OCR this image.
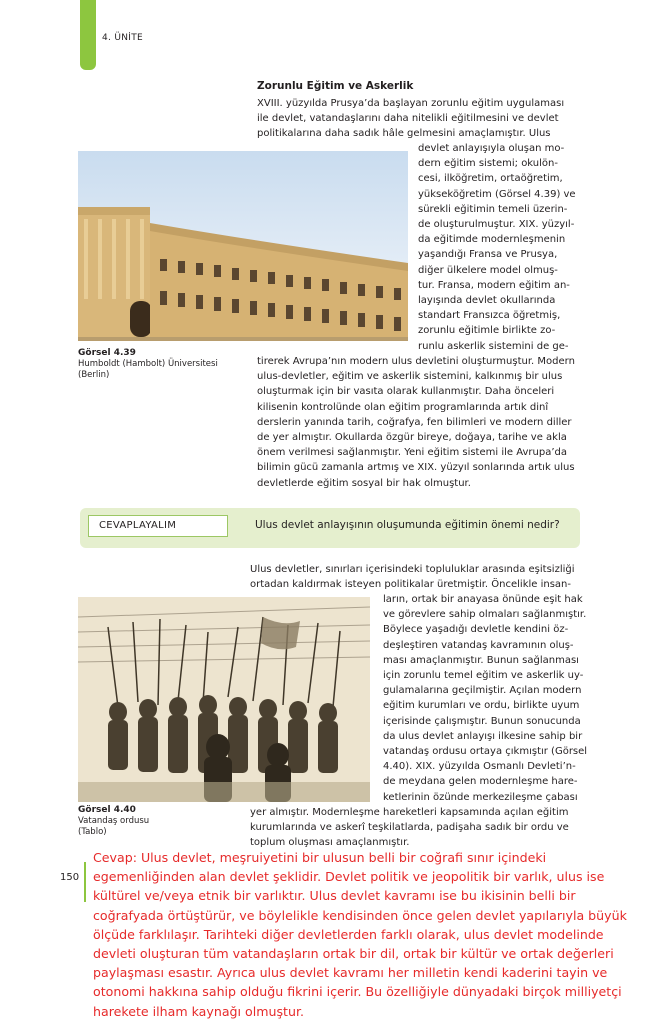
4. ÜNİTE
Zorunlu Eğitim ve Askerlik

XVIII. yüzyılda Prusya’da başlayan zorunlu eğitim uygulaması

ile devlet, vatandaşlarını daha nitelikli eğitilmesini ve devlet

politikalarına daha sadık hâle gelmesini amaçlamıştır. Ulus

devlet anlayışıyla oluşan mo-

dern eğitim sistemi; okulön-

cesi, ilköğretim, ortaöğretim,

yükseköğretim (Görsel 4.39) ve

sürekli eğitimin temeli üzerin-

de oluşturulmuştur. XIX. yüzyıl-

da eğitimde modernleşmenin

yaşandığı Fransa ve Prusya,

diğer ülkelere model olmuş-

tur. Fransa, modern eğitim an-

layışında devlet okullarında

standart Fransızca öğretmiş,

zorunlu eğitimle birlikte zo-

runlu askerlik sistemini de ge-

tirerek Avrupa’nın modern ulus devletini oluşturmuştur. Modern

ulus-devletler, eğitim ve askerlik sistemini, kalkınmış bir ulus

oluşturmak için bir vasıta olarak kullanmıştır. Daha önceleri

kilisenin kontrolünde olan eğitim programlarında artık dinî

derslerin yanında tarih, coğrafya, fen bilimleri ve modern diller

de yer almıştır. Okullarda özgür bireye, doğaya, tarihe ve akla

önem verilmesi sağlanmıştır. Yeni eğitim sistemi ile Avrupa’da

bilimin gücü zamanla artmış ve XIX. yüzyıl sonlarında artık ulus

devletlerde eğitim sosyal bir hak olmuştur.

Görsel 4.39
Humboldt (Hambolt) Üniversitesi
(Berlin)
CEVAPLAYALIM	Ulus devlet anlayışının oluşumunda eğitimin önemi nedir?

Ulus devletler, sınırları içerisindeki topluluklar arasında eşitsizliği

ortadan kaldırmak isteyen politikalar üretmiştir. Öncelikle insan-

ların, ortak bir anayasa önünde eşit hak

ve görevlere sahip olmaları sağlanmıştır.

Böylece yaşadığı devletle kendini öz-

deşleştiren vatandaş kavramının oluş-

ması amaçlanmıştır. Bunun sağlanması

için zorunlu temel eğitim ve askerlik uy-

gulamalarına geçilmiştir. Açılan modern

eğitim kurumları ve ordu, birlikte uyum

içerisinde çalışmıştır. Bunun sonucunda

da ulus devlet anlayışı ilkesine sahip bir

vatandaş ordusu ortaya çıkmıştır (Görsel

4.40). XIX. yüzyılda Osmanlı Devleti’n-

de meydana gelen modernleşme hare-

ketlerinin özünde merkezileşme çabası

yer almıştır. Modernleşme hareketleri kapsamında açılan eğitim

kurumlarında ve askerî teşkilatlarda, padişaha sadık bir ordu ve

toplum oluşması amaçlanmıştır.

Görsel 4.40
Vatandaş ordusu
(Tablo)
150
Cevap: Ulus devlet, meşruiyetini bir ulusun belli bir coğrafi sınır içindeki
egemenliğinden alan devlet şeklidir. Devlet politik ve jeopolitik bir varlık, ulus ise
kültürel ve/veya etnik bir varlıktır. Ulus devlet kavramı ise bu ikisinin belli bir
coğrafyada örtüştürür, ve böylelikle kendisinden önce gelen devlet yapılarıyla büyük
ölçüde farklılaşır. Tarihteki diğer devletlerden farklı olarak, ulus devlet modelinde
devleti oluşturan tüm vatandaşların ortak bir dil, ortak bir kültür ve ortak değerleri
paylaşması esastır. Ayrıca ulus devlet kavramı her milletin kendi kaderini tayin ve
otonomi hakkına sahip olduğu fikrini içerir. Bu özelliğiyle dünyadaki birçok milliyetçi
harekete ilham kaynağı olmuştur.
